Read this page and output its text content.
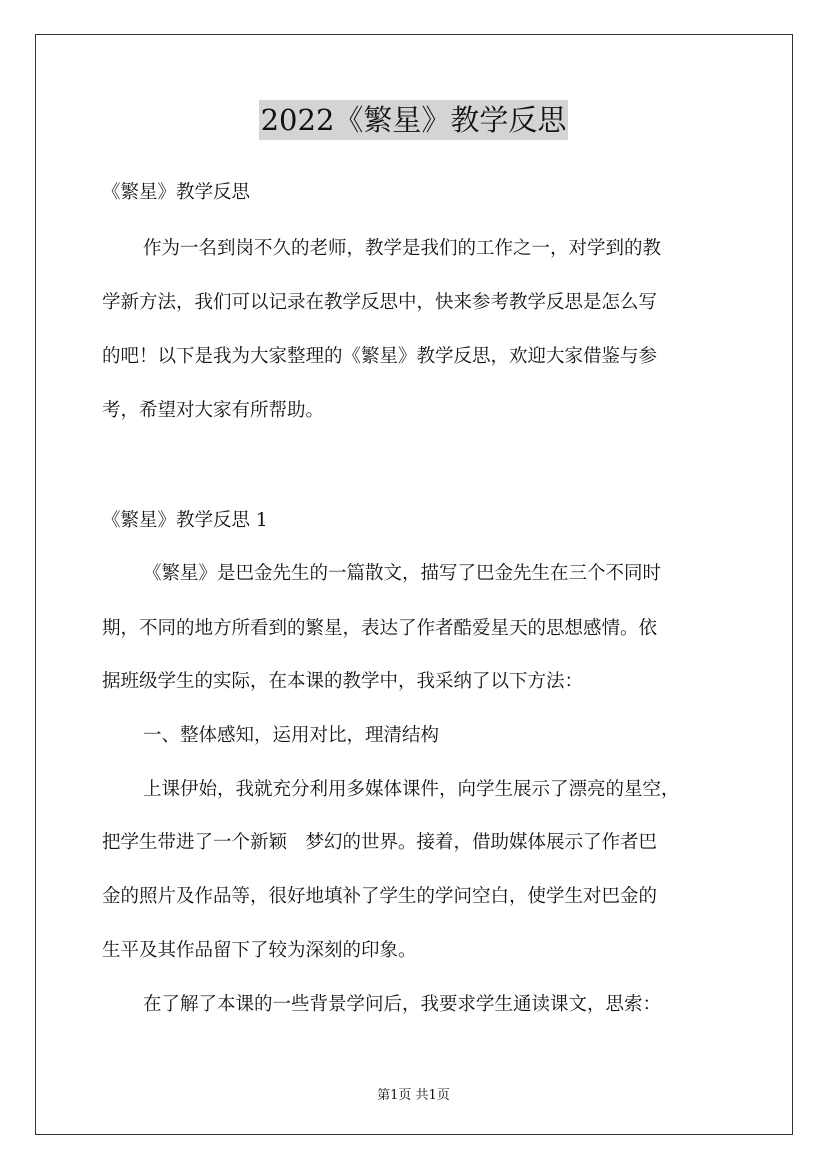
2022《繁星》教学反思
《繁星》教学反思
作为一名到岗不久的老师，教学是我们的工作之一，对学到的教
学新方法，我们可以记录在教学反思中，快来参考教学反思是怎么写
的吧！以下是我为大家整理的《繁星》教学反思，欢迎大家借鉴与参
考，希望对大家有所帮助。
《繁星》教学反思 1
《繁星》是巴金先生的一篇散文，描写了巴金先生在三个不同时
期，不同的地方所看到的繁星，表达了作者酷爱星天的思想感情。依
据班级学生的实际，在本课的教学中，我采纳了以下方法：
一、整体感知，运用对比，理清结构
上课伊始，我就充分利用多媒体课件，向学生展示了漂亮的星空，
把学生带进了一个新颖　梦幻的世界。接着，借助媒体展示了作者巴
金的照片及作品等，很好地填补了学生的学问空白，使学生对巴金的
生平及其作品留下了较为深刻的印象。
在了解了本课的一些背景学问后，我要求学生通读课文，思索：
第1页 共1页
